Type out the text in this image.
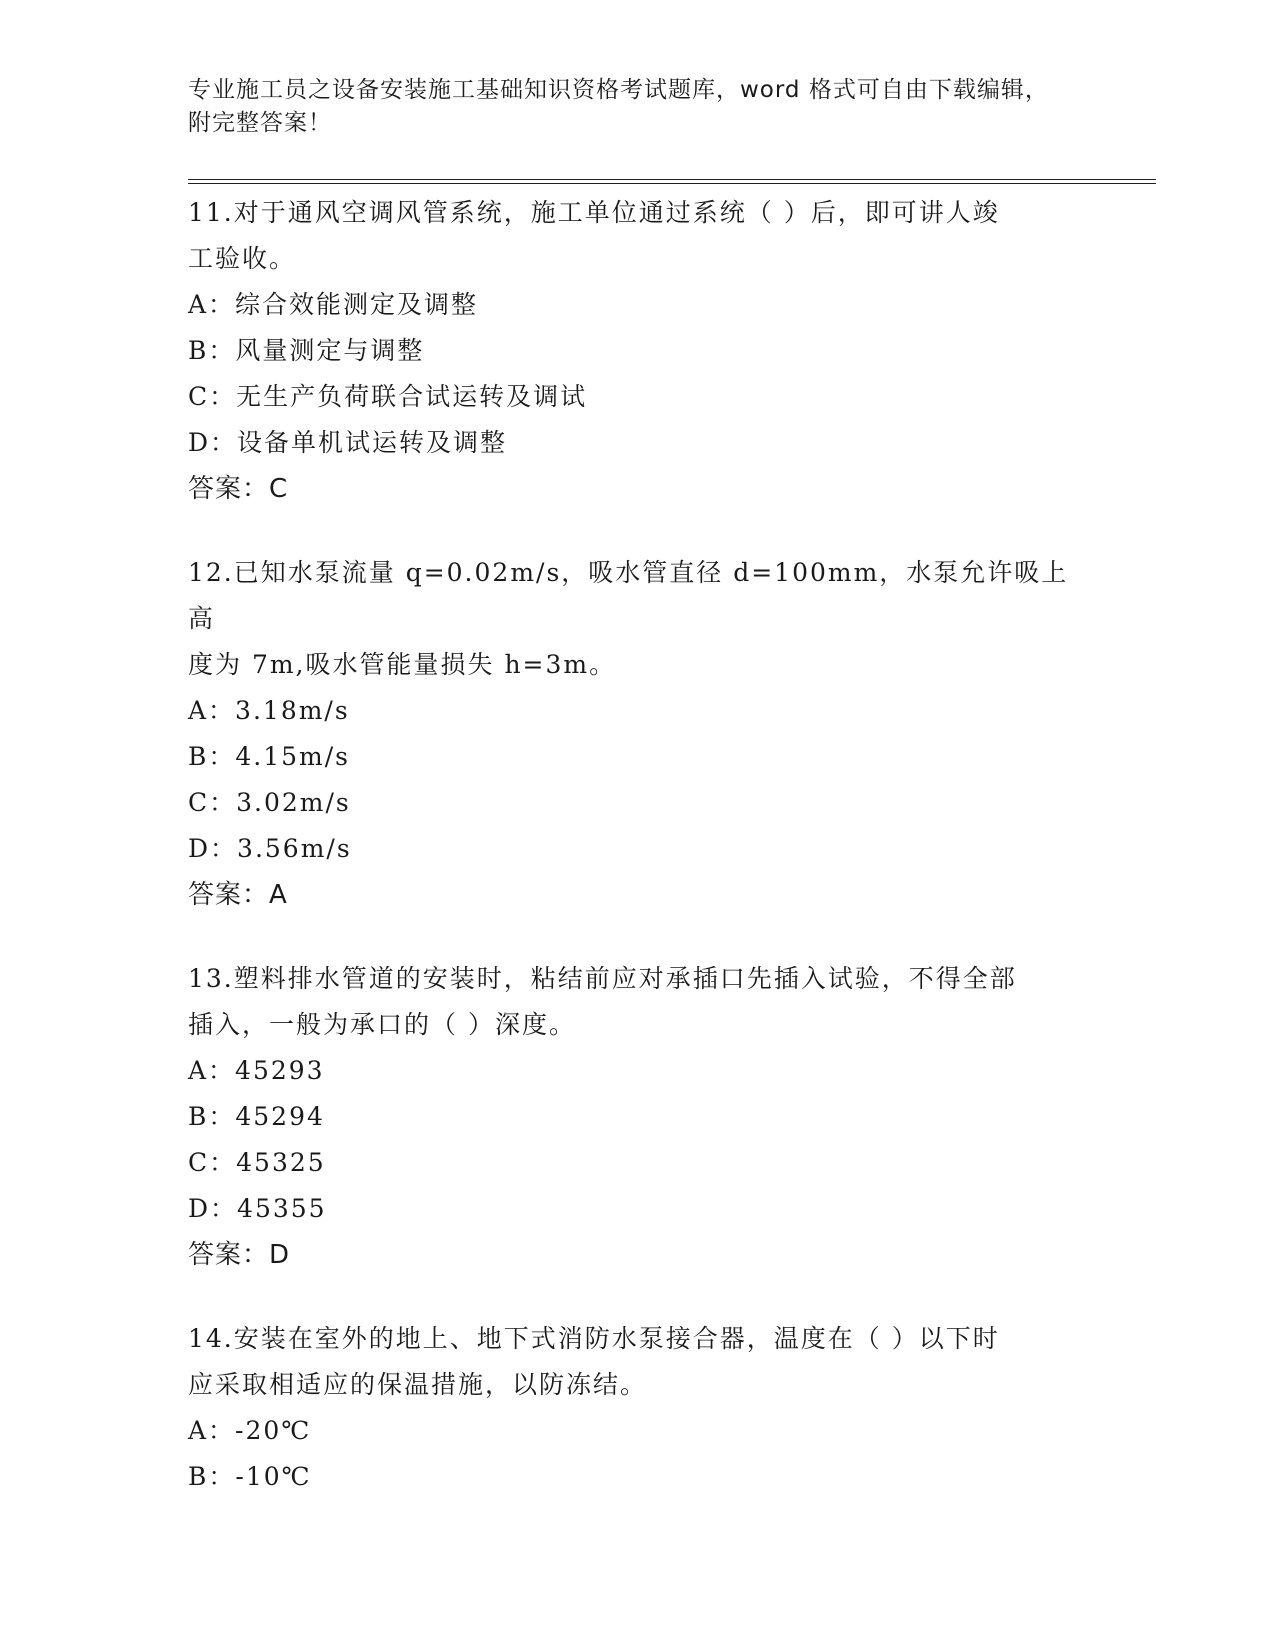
专业施工员之设备安装施工基础知识资格考试题库，word 格式可自由下载编辑，
附完整答案！
11.对于通风空调风管系统，施工单位通过系统（ ）后，即可讲人竣
工验收。
A：综合效能测定及调整
B：风量测定与调整
C：无生产负荷联合试运转及调试
D：设备单机试运转及调整
答案：C
12.已知水泵流量 q=0.02m/s，吸水管直径 d=100mm，水泵允许吸上高
度为 7m,吸水管能量损失 h=3m。
A：3.18m/s
B：4.15m/s
C：3.02m/s
D：3.56m/s
答案：A
13.塑料排水管道的安装时，粘结前应对承插口先插入试验，不得全部
插入，一般为承口的（ ）深度。
A：45293
B：45294
C：45325
D：45355
答案：D
14.安装在室外的地上、地下式消防水泵接合器，温度在（ ）以下时
应采取相适应的保温措施，以防冻结。
A：-20℃
B：-10℃
